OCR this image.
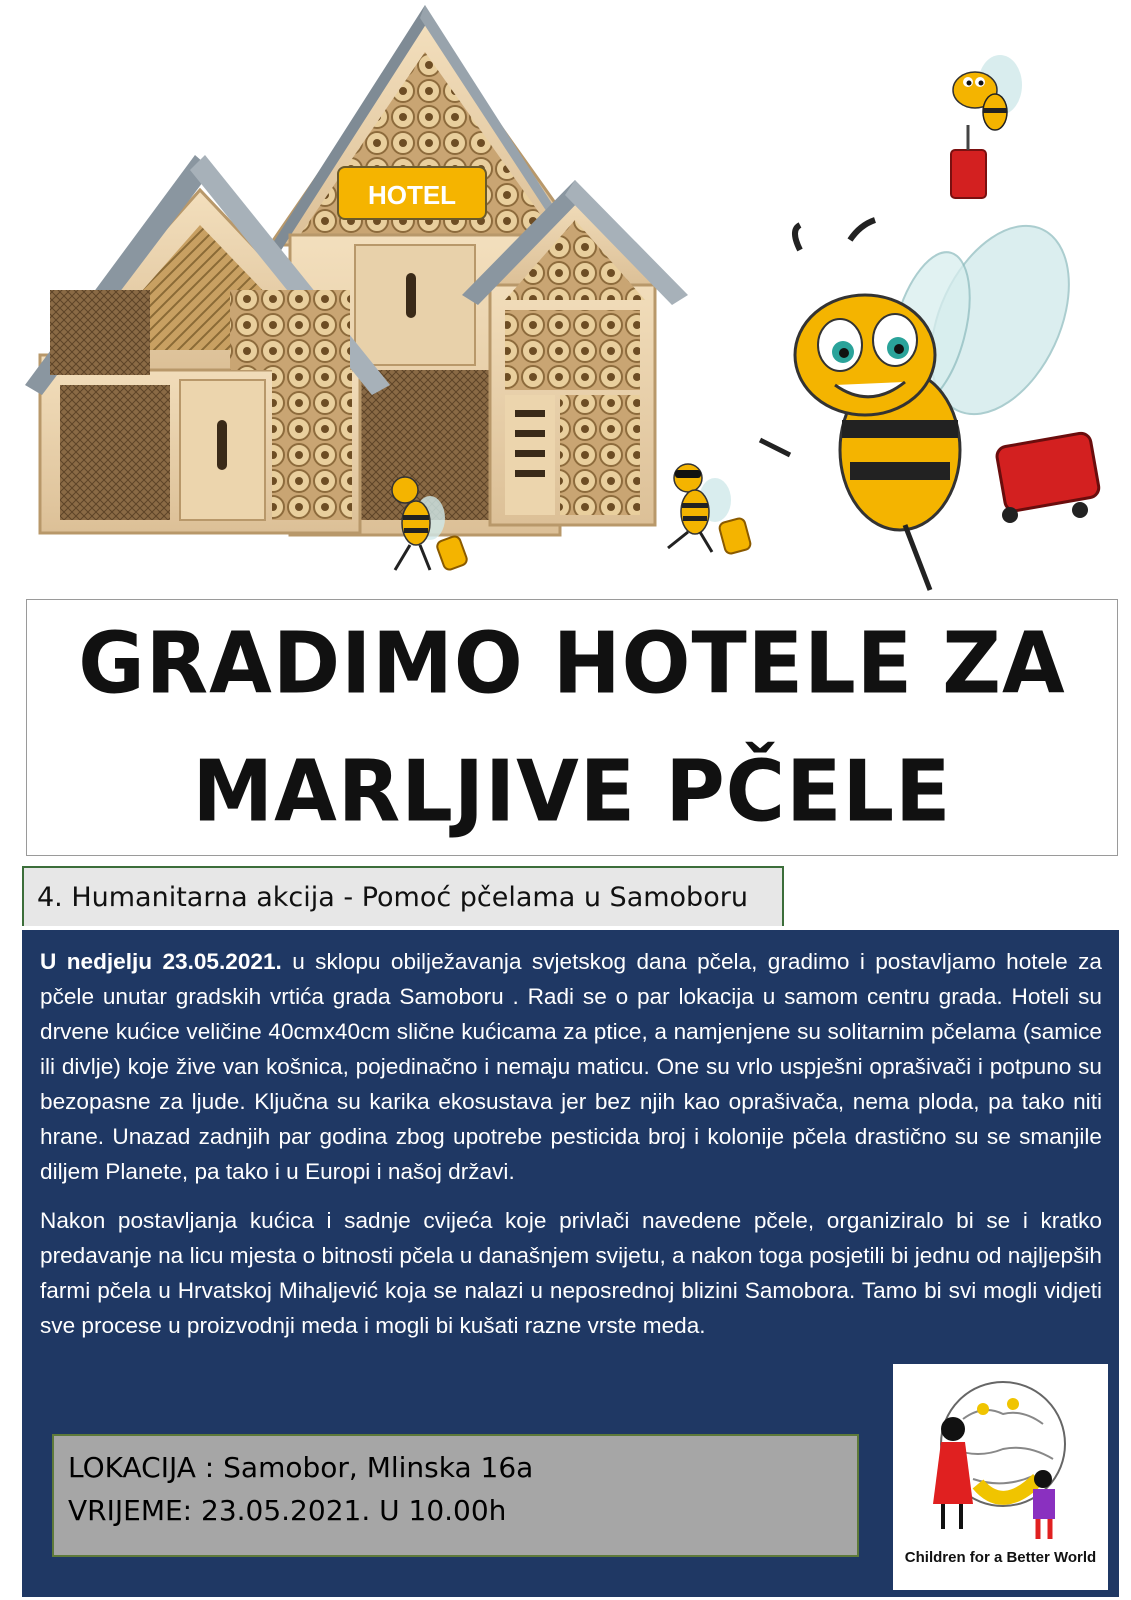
HOTEL
GRADIMO HOTELE ZA
MARLJIVE PČELE
4. Humanitarna akcija - Pomoć pčelama u Samoboru

U nedjelju 23.05.2021. u sklopu obilježavanja svjetskog dana pčela, gradimo i postavljamo hotele za pčele unutar gradskih vrtića grada Samoboru . Radi se o par lokacija u samom centru grada. Hoteli su drvene kućice veličine 40cmx40cm slične kućicama za ptice, a namjenjene su solitarnim pčelama (samice ili divlje) koje žive van košnica, pojedinačno i nemaju maticu. One su vrlo uspješni oprašivači i potpuno su bezopasne za ljude. Ključna su karika ekosustava jer bez njih kao oprašivača, nema ploda, pa tako niti hrane. Unazad zadnjih par godina zbog upotrebe pesticida broj i kolonije pčela drastično su se smanjile diljem Planete, pa tako i u Europi i našoj državi.

Nakon postavljanja kućica i sadnje cvijeća koje privlači navedene pčele, organiziralo bi se i kratko predavanje na licu mjesta o bitnosti pčela u današnjem svijetu, a nakon toga posjetili bi jednu od najljepših farmi pčela u Hrvatskoj Mihaljević koja se nalazi u neposrednoj blizini Samobora. Tamo bi svi mogli vidjeti sve procese u proizvodnji meda i mogli bi kušati razne vrste meda.

LOKACIJA : Samobor, Mlinska 16a
VRIJEME: 23.05.2021. U 10.00h
Children for a Better World
